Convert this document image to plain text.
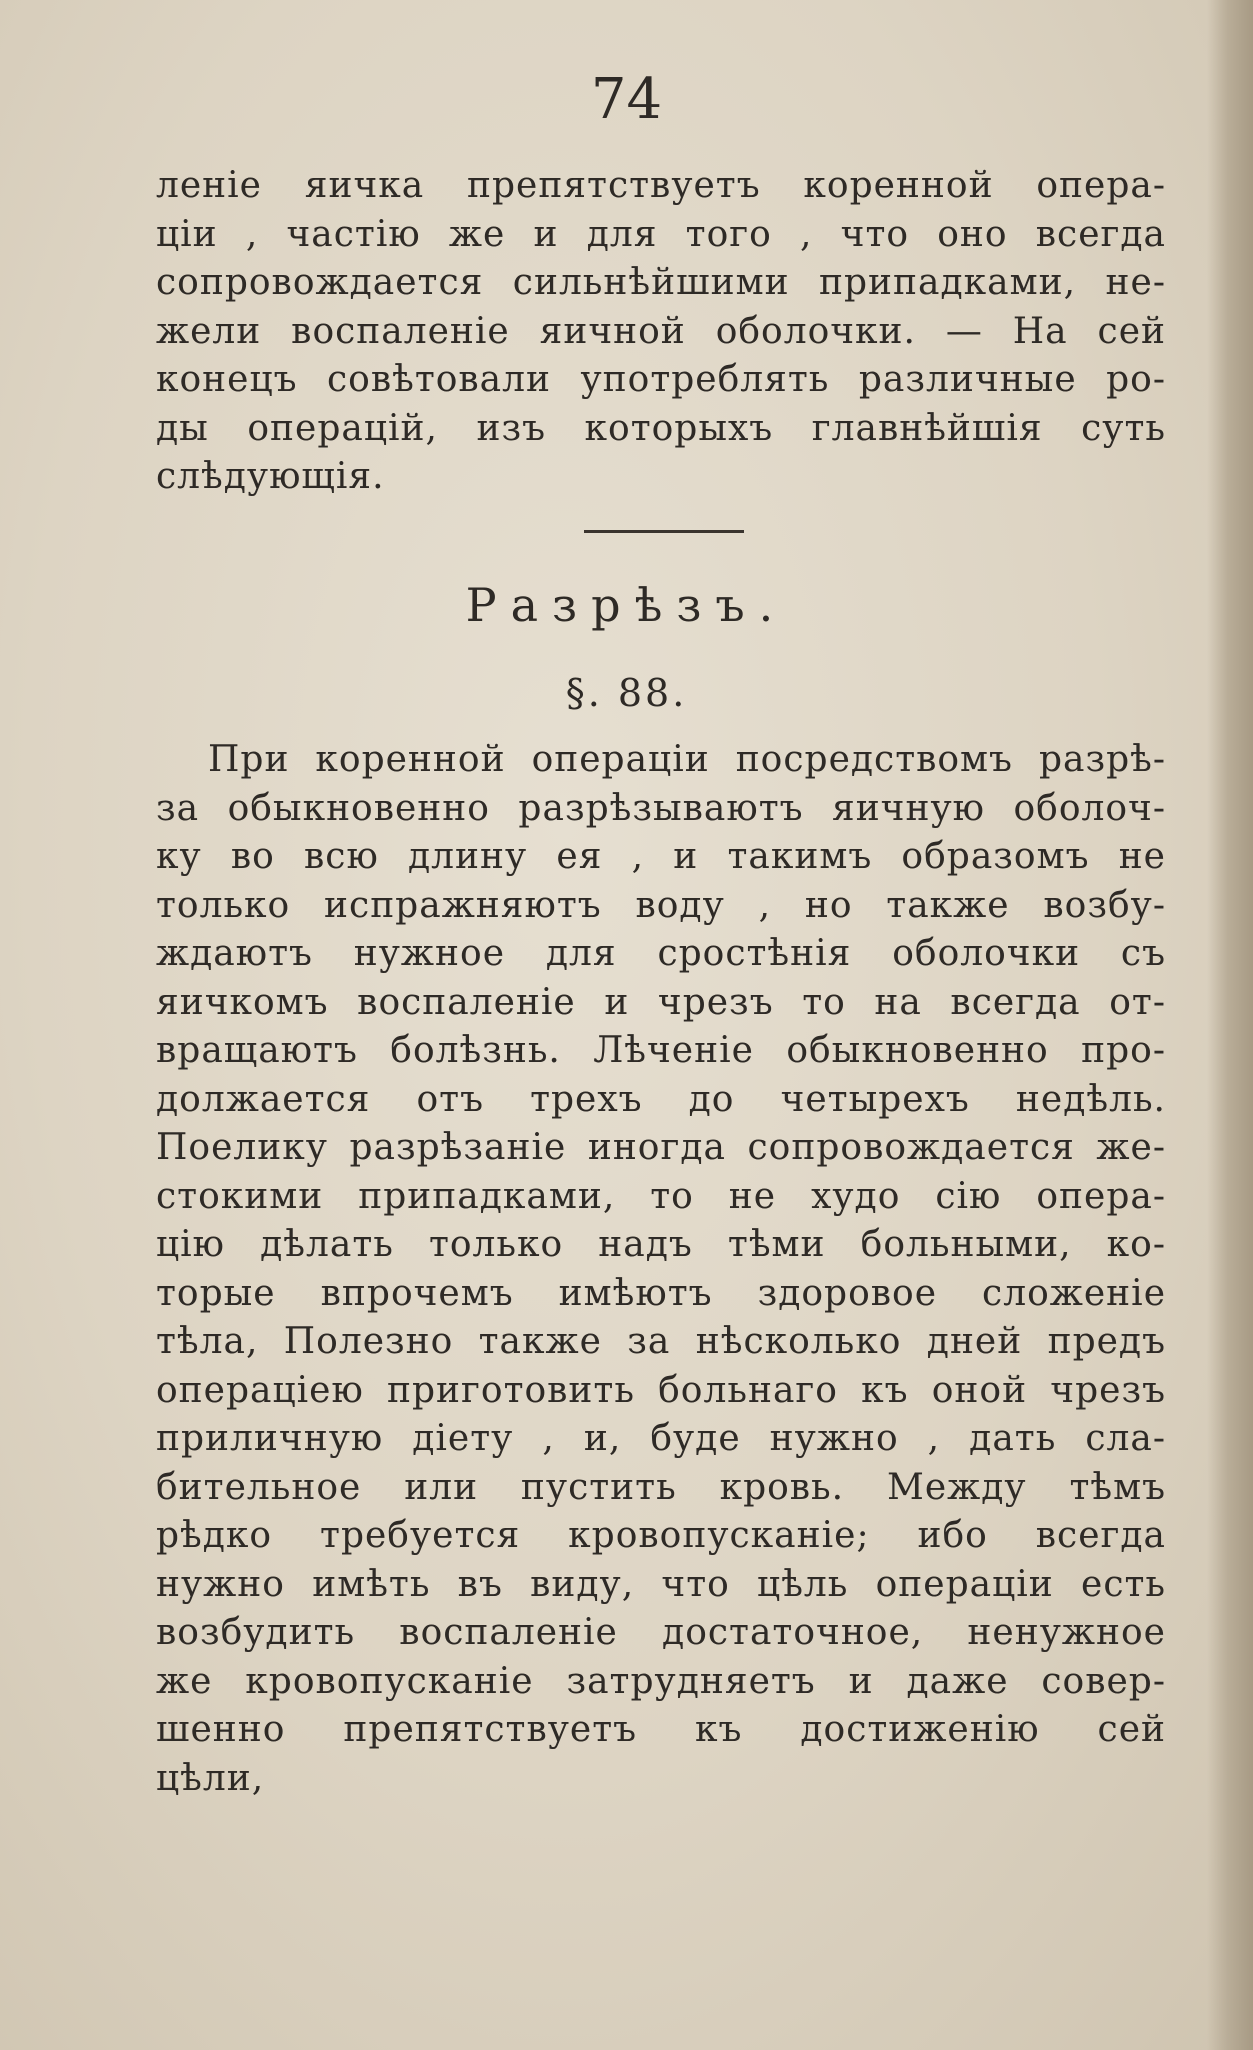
74
леніе яичка препятствуетъ коренной опера-
ціи , частію же и для того , что оно всегда
сопровождается сильнѣйшими припадками, не-
жели воспаленіе яичной оболочки. — На сей
конецъ совѣтовали употреблять различные ро-
ды операцій, изъ которыхъ главнѣйшія суть
слѣдующія.
Разрѣзъ.
§. 88.
При коренной операціи посредствомъ разрѣ-
за обыкновенно разрѣзываютъ яичную оболоч-
ку во всю длину ея , и такимъ образомъ не
только испражняютъ воду , но также возбу-
ждаютъ нужное для сростѣнія оболочки съ
яичкомъ воспаленіе и чрезъ то на всегда от-
вращаютъ болѣзнь. Лѣченіе обыкновенно про-
должается отъ трехъ до четырехъ недѣль.
Поелику разрѣзаніе иногда сопровождается же-
стокими припадками, то не худо сію опера-
цію дѣлать только надъ тѣми больными, ко-
торые впрочемъ имѣютъ здоровое сложеніе
тѣла, Полезно также за нѣсколько дней предъ
операціею приготовить больнаго къ оной чрезъ
приличную діету , и, буде нужно , дать сла-
бительное или пустить кровь. Между тѣмъ
рѣдко требуется кровопусканіе; ибо всегда
нужно имѣть въ виду, что цѣль операціи есть
возбудить воспаленіе достаточное, ненужное
же кровопусканіе затрудняетъ и даже совер-
шенно препятствуетъ къ достиженію сей
цѣли,
